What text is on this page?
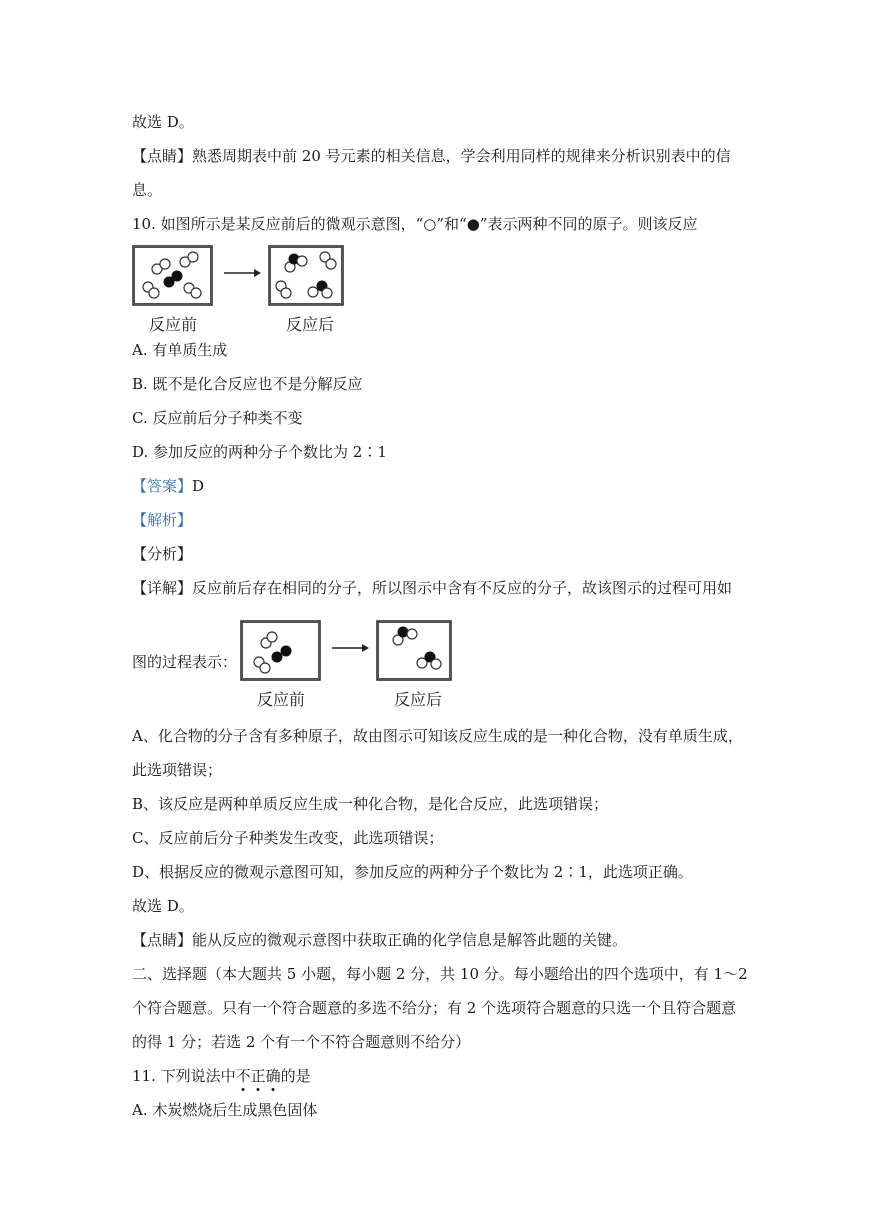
故选 D。
【点睛】熟悉周期表中前 20 号元素的相关信息，学会利用同样的规律来分析识别表中的信
息。
10. 如图所示是某反应前后的微观示意图，“○”和“●”表示两种不同的原子。则该反应
反应前	反应后
A. 有单质生成
B. 既不是化合反应也不是分解反应
C. 反应前后分子种类不变
D. 参加反应的两种分子个数比为 2∶1
【答案】D
【解析】
【分析】
【详解】反应前后存在相同的分子，所以图示中含有不反应的分子，故该图示的过程可用如
图的过程表示：
反应前	反应后
A、化合物的分子含有多种原子，故由图示可知该反应生成的是一种化合物，没有单质生成，
此选项错误；
B、该反应是两种单质反应生成一种化合物，是化合反应，此选项错误；
C、反应前后分子种类发生改变，此选项错误；
D、根据反应的微观示意图可知，参加反应的两种分子个数比为 2∶1，此选项正确。
故选 D。
【点睛】能从反应的微观示意图中获取正确的化学信息是解答此题的关键。
二、选择题（本大题共 5 小题，每小题 2 分，共 10 分。每小题给出的四个选项中，有 1～2
个符合题意。只有一个符合题意的多选不给分；有 2 个选项符合题意的只选一个且符合题意
的得 1 分；若选 2 个有一个不符合题意则不给分）
11. 下列说法中不正确的是
A. 木炭燃烧后生成黑色固体
